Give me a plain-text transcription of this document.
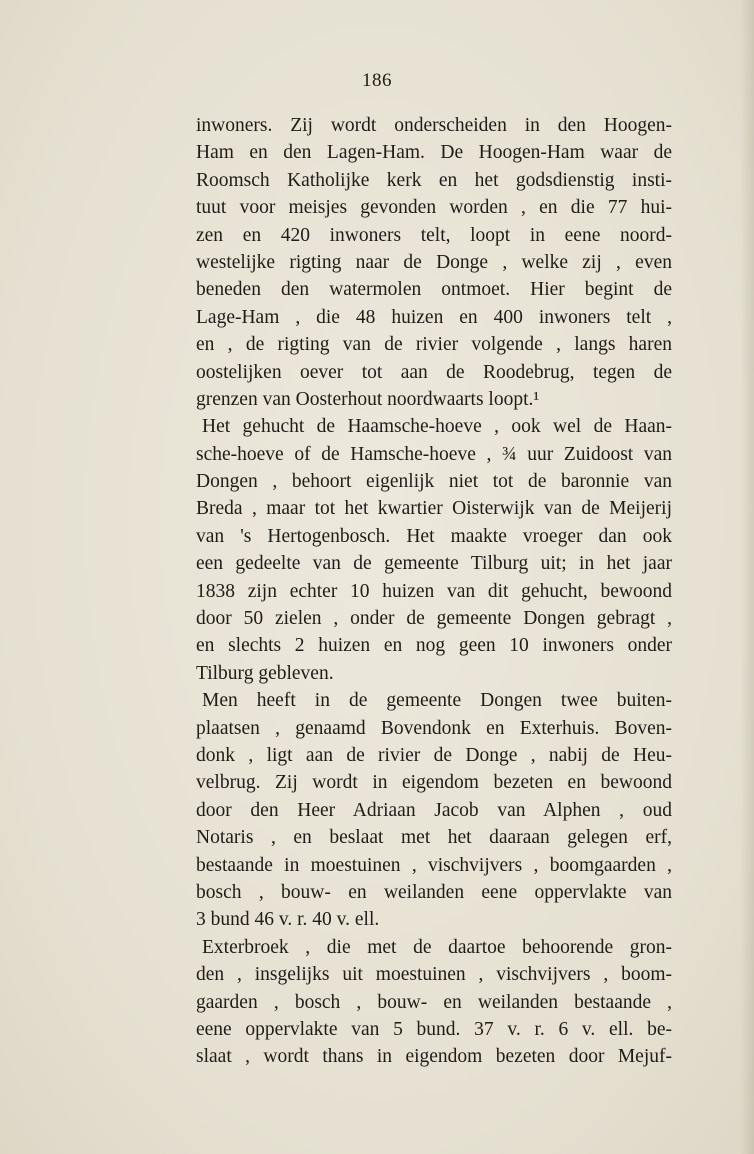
186
inwoners. Zij wordt onderscheiden in den Hoogen-
Ham en den Lagen-Ham. De Hoogen-Ham waar de
Roomsch Katholijke kerk en het godsdienstig insti-
tuut voor meisjes gevonden worden , en die 77 hui-
zen en 420 inwoners telt, loopt in eene noord-
westelijke rigting naar de Donge , welke zij , even
beneden den watermolen ontmoet. Hier begint de
Lage-Ham , die 48 huizen en 400 inwoners telt ,
en , de rigting van de rivier volgende , langs haren
oostelijken oever tot aan de Roodebrug, tegen de
grenzen van Oosterhout noordwaarts loopt.¹
Het gehucht de Haamsche-hoeve , ook wel de Haan-
sche-hoeve of de Hamsche-hoeve , ¾ uur Zuidoost van
Dongen , behoort eigenlijk niet tot de baronnie van
Breda , maar tot het kwartier Oisterwijk van de Meijerij
van 's Hertogenbosch. Het maakte vroeger dan ook
een gedeelte van de gemeente Tilburg uit; in het jaar
1838 zijn echter 10 huizen van dit gehucht, bewoond
door 50 zielen , onder de gemeente Dongen gebragt ,
en slechts 2 huizen en nog geen 10 inwoners onder
Tilburg gebleven.
Men heeft in de gemeente Dongen twee buiten-
plaatsen , genaamd Bovendonk en Exterhuis. Boven-
donk , ligt aan de rivier de Donge , nabij de Heu-
velbrug. Zij wordt in eigendom bezeten en bewoond
door den Heer Adriaan Jacob van Alphen , oud
Notaris , en beslaat met het daaraan gelegen erf,
bestaande in moestuinen , vischvijvers , boomgaarden ,
bosch , bouw- en weilanden eene oppervlakte van
3 bund 46 v. r. 40 v. ell.
Exterbroek , die met de daartoe behoorende gron-
den , insgelijks uit moestuinen , vischvijvers , boom-
gaarden , bosch , bouw- en weilanden bestaande ,
eene oppervlakte van 5 bund. 37 v. r. 6 v. ell. be-
slaat , wordt thans in eigendom bezeten door Mejuf-
